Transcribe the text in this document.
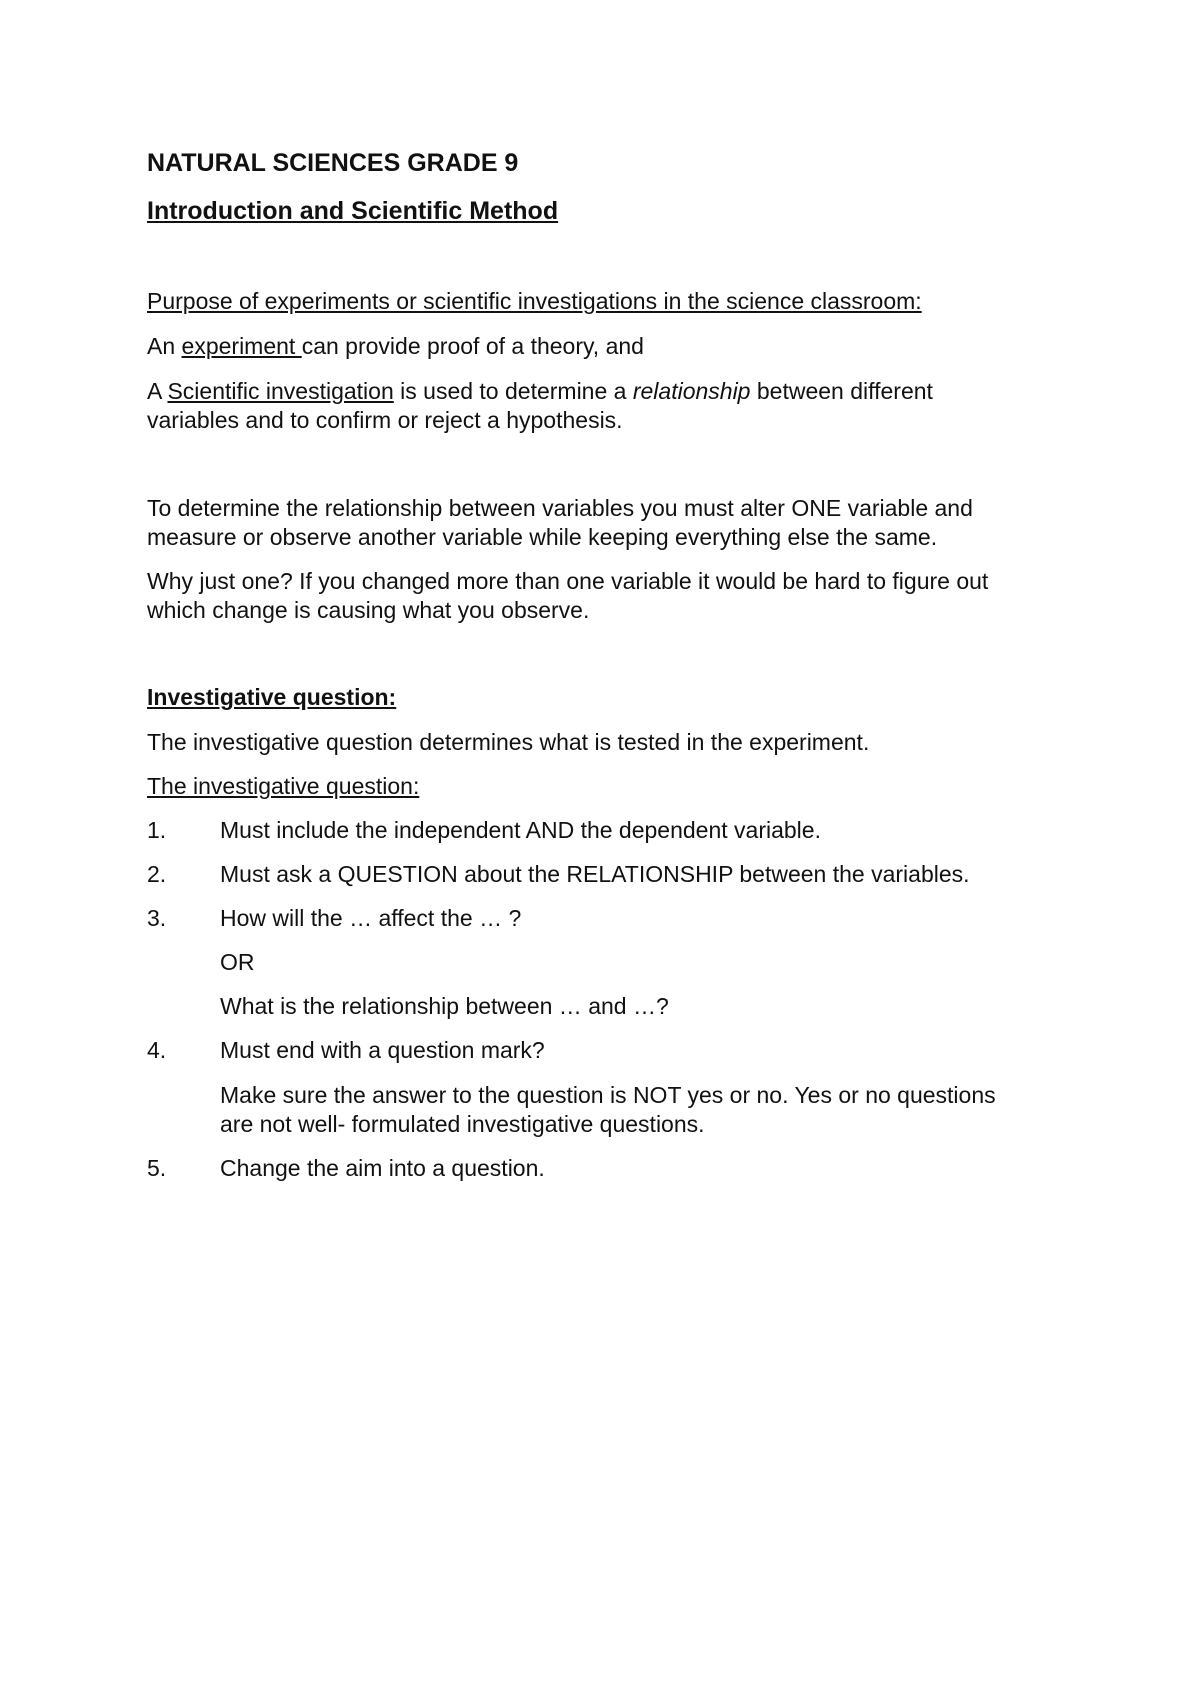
NATURAL SCIENCES GRADE 9
Introduction and Scientific Method
Purpose of experiments or scientific investigations in the science classroom:
An experiment can provide proof of a theory, and
A Scientific investigation is used to determine a relationship between different
variables and to confirm or reject a hypothesis.
To determine the relationship between variables you must alter ONE variable and
measure or observe another variable while keeping everything else the same.
Why just one? If you changed more than one variable it would be hard to figure out
which change is causing what you observe.
Investigative question:
The investigative question determines what is tested in the experiment.
The investigative question:
1. Must include the independent AND the dependent variable.
2. Must ask a QUESTION about the RELATIONSHIP between the variables.
3. How will the … affect the … ?
OR
What is the relationship between … and …?
4. Must end with a question mark?
Make sure the answer to the question is NOT yes or no. Yes or no questions
are not well- formulated investigative questions.
5. Change the aim into a question.
